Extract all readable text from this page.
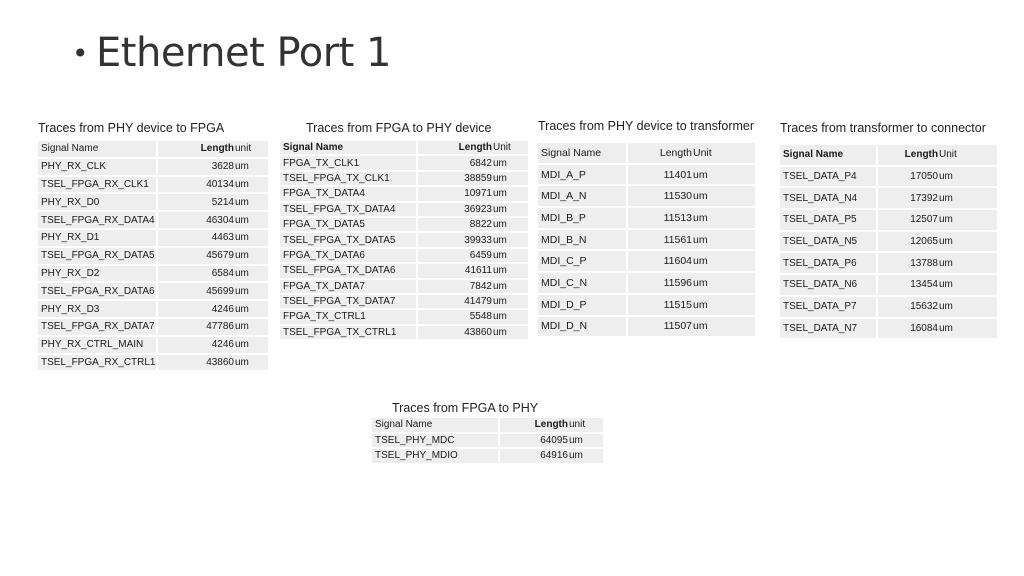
• Ethernet Port 1
Traces from PHY device to FPGA
Signal Name	Length	unit
PHY_RX_CLK	3628	um
TSEL_FPGA_RX_CLK1	40134	um
PHY_RX_D0	5214	um
TSEL_FPGA_RX_DATA4	46304	um
PHY_RX_D1	4463	um
TSEL_FPGA_RX_DATA5	45679	um
PHY_RX_D2	6584	um
TSEL_FPGA_RX_DATA6	45699	um
PHY_RX_D3	4246	um
TSEL_FPGA_RX_DATA7	47786	um
PHY_RX_CTRL_MAIN	4246	um
TSEL_FPGA_RX_CTRL1	43860	um
Traces from FPGA to PHY device
Signal Name	Length	Unit
FPGA_TX_CLK1	6842	um
TSEL_FPGA_TX_CLK1	38859	um
FPGA_TX_DATA4	10971	um
TSEL_FPGA_TX_DATA4	36923	um
FPGA_TX_DATA5	8822	um
TSEL_FPGA_TX_DATA5	39933	um
FPGA_TX_DATA6	6459	um
TSEL_FPGA_TX_DATA6	41611	um
FPGA_TX_DATA7	7842	um
TSEL_FPGA_TX_DATA7	41479	um
FPGA_TX_CTRL1	5548	um
TSEL_FPGA_TX_CTRL1	43860	um
Traces from PHY device to transformer
Signal Name	Length	Unit
MDI_A_P	11401	um
MDI_A_N	11530	um
MDI_B_P	11513	um
MDI_B_N	11561	um
MDI_C_P	11604	um
MDI_C_N	11596	um
MDI_D_P	11515	um
MDI_D_N	11507	um
Traces from transformer to connector
Signal Name	Length	Unit
TSEL_DATA_P4	17050	um
TSEL_DATA_N4	17392	um
TSEL_DATA_P5	12507	um
TSEL_DATA_N5	12065	um
TSEL_DATA_P6	13788	um
TSEL_DATA_N6	13454	um
TSEL_DATA_P7	15632	um
TSEL_DATA_N7	16084	um
Traces from FPGA to PHY
Signal Name	Length	unit
TSEL_PHY_MDC	64095	um
TSEL_PHY_MDIO	64916	um
